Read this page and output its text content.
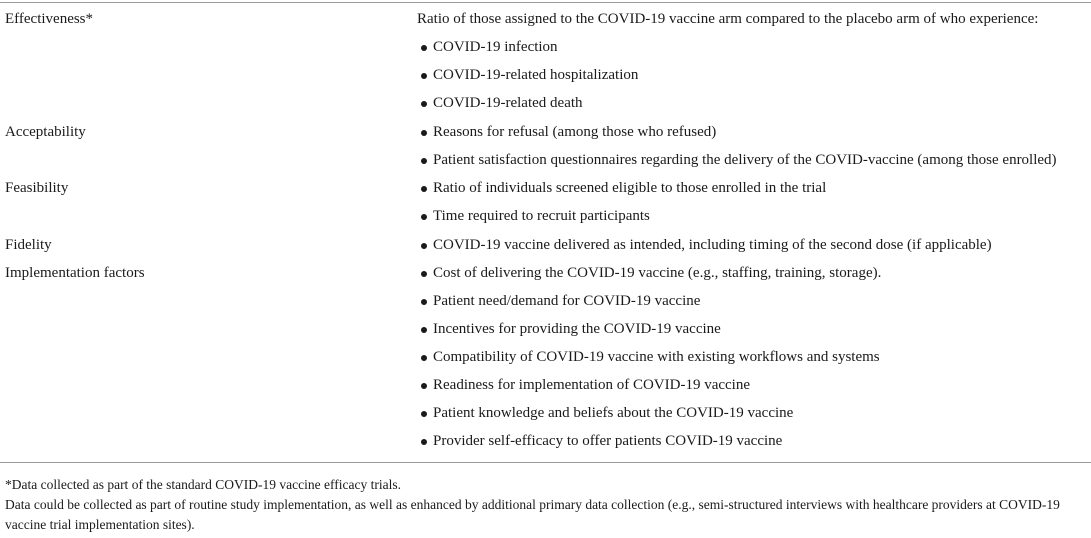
Effectiveness*	Ratio of those assigned to the COVID-19 vaccine arm compared to the placebo arm of who experience:
COVID-19 infection
COVID-19-related hospitalization
COVID-19-related death
Acceptability	Reasons for refusal (among those who refused)
Patient satisfaction questionnaires regarding the delivery of the COVID-vaccine (among those enrolled)
Feasibility	Ratio of individuals screened eligible to those enrolled in the trial
Time required to recruit participants
Fidelity	COVID-19 vaccine delivered as intended, including timing of the second dose (if applicable)
Implementation factors	Cost of delivering the COVID-19 vaccine (e.g., staffing, training, storage).
Patient need/demand for COVID-19 vaccine
Incentives for providing the COVID-19 vaccine
Compatibility of COVID-19 vaccine with existing workflows and systems
Readiness for implementation of COVID-19 vaccine
Patient knowledge and beliefs about the COVID-19 vaccine
Provider self-efficacy to offer patients COVID-19 vaccine

*Data collected as part of the standard COVID-19 vaccine efficacy trials.

Data could be collected as part of routine study implementation, as well as enhanced by additional primary data collection (e.g., semi-structured interviews with healthcare providers at COVID-19 vaccine trial implementation sites).
